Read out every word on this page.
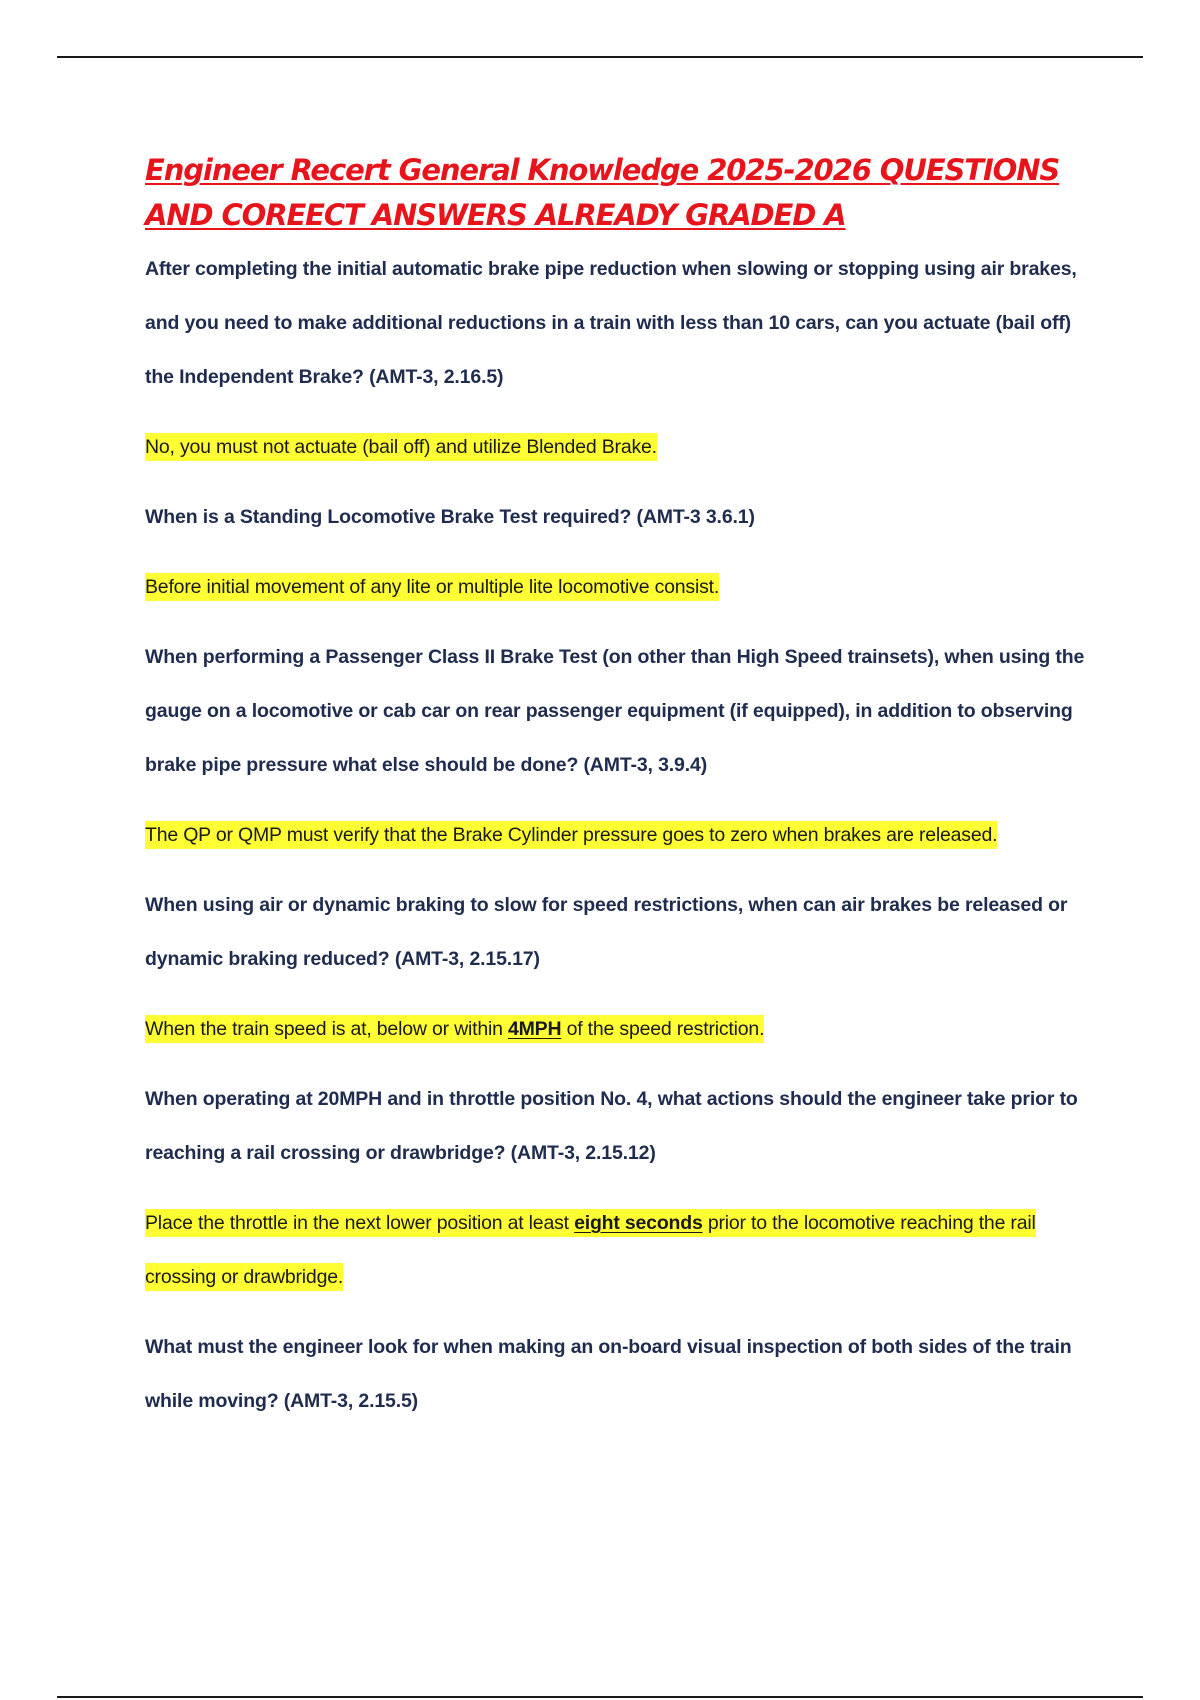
Engineer Recert General Knowledge 2025-2026 QUESTIONS AND COREECT ANSWERS ALREADY GRADED A

After completing the initial automatic brake pipe reduction when slowing or stopping using air brakes, and you need to make additional reductions in a train with less than 10 cars, can you actuate (bail off) the Independent Brake? (AMT-3, 2.16.5)

No, you must not actuate (bail off) and utilize Blended Brake.

When is a Standing Locomotive Brake Test required? (AMT-3 3.6.1)

Before initial movement of any lite or multiple lite locomotive consist.

When performing a Passenger Class II Brake Test (on other than High Speed trainsets), when using the gauge on a locomotive or cab car on rear passenger equipment (if equipped), in addition to observing brake pipe pressure what else should be done? (AMT-3, 3.9.4)

The QP or QMP must verify that the Brake Cylinder pressure goes to zero when brakes are released.

When using air or dynamic braking to slow for speed restrictions, when can air brakes be released or dynamic braking reduced? (AMT-3, 2.15.17)

When the train speed is at, below or within 4MPH of the speed restriction.

When operating at 20MPH and in throttle position No. 4, what actions should the engineer take prior to reaching a rail crossing or drawbridge? (AMT-3, 2.15.12)

Place the throttle in the next lower position at least eight seconds prior to the locomotive reaching the rail crossing or drawbridge.

What must the engineer look for when making an on-board visual inspection of both sides of the train while moving? (AMT-3, 2.15.5)
